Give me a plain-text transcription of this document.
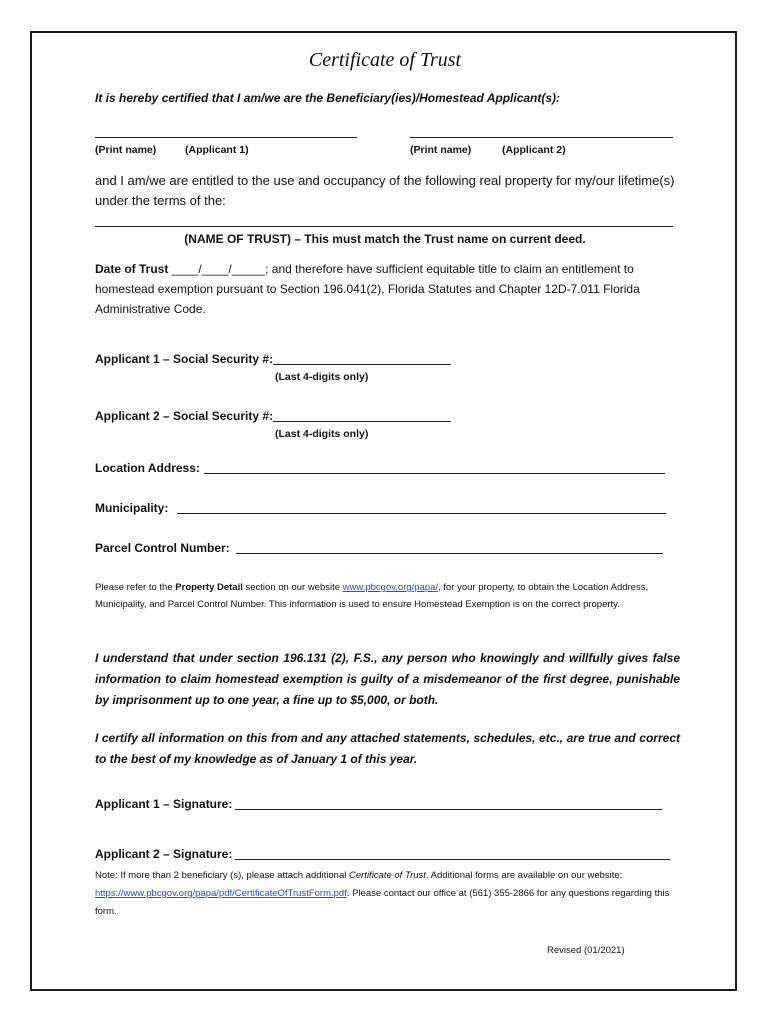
Certificate of Trust
It is hereby certified that I am/we are the Beneficiary(ies)/Homestead Applicant(s):
(Print name)	(Applicant 1)	(Print name)	(Applicant 2)
and I am/we are entitled to the use and occupancy of the following real property for my/our lifetime(s) under the terms of the:
(NAME OF TRUST) – This must match the Trust name on current deed.
Date of Trust ____/____/_____; and therefore have sufficient equitable title to claim an entitlement to homestead exemption pursuant to Section 196.041(2), Florida Statutes and Chapter 12D-7.011 Florida Administrative Code.
Applicant 1 – Social Security #:
(Last 4-digits only)
Applicant 2 – Social Security #:
(Last 4-digits only)
Location Address:
Municipality:
Parcel Control Number:
Please refer to the Property Detail section on our website www.pbcgov.org/papa/, for your property, to obtain the Location Address, Municipality, and Parcel Control Number. This information is used to ensure Homestead Exemption is on the correct property.
I understand that under section 196.131 (2), F.S., any person who knowingly and willfully gives false information to claim homestead exemption is guilty of a misdemeanor of the first degree, punishable by imprisonment up to one year, a fine up to $5,000, or both.
I certify all information on this from and any attached statements, schedules, etc., are true and correct to the best of my knowledge as of January 1 of this year.
Applicant 1 – Signature:
Applicant 2 – Signature:
Note: If more than 2 beneficiary (s), please attach additional Certificate of Trust. Additional forms are available on our website: https://www.pbcgov.org/papa/pdf/CertificateOfTrustForm.pdf. Please contact our office at (561) 355-2866 for any questions regarding this form.
Revised (01/2021)
